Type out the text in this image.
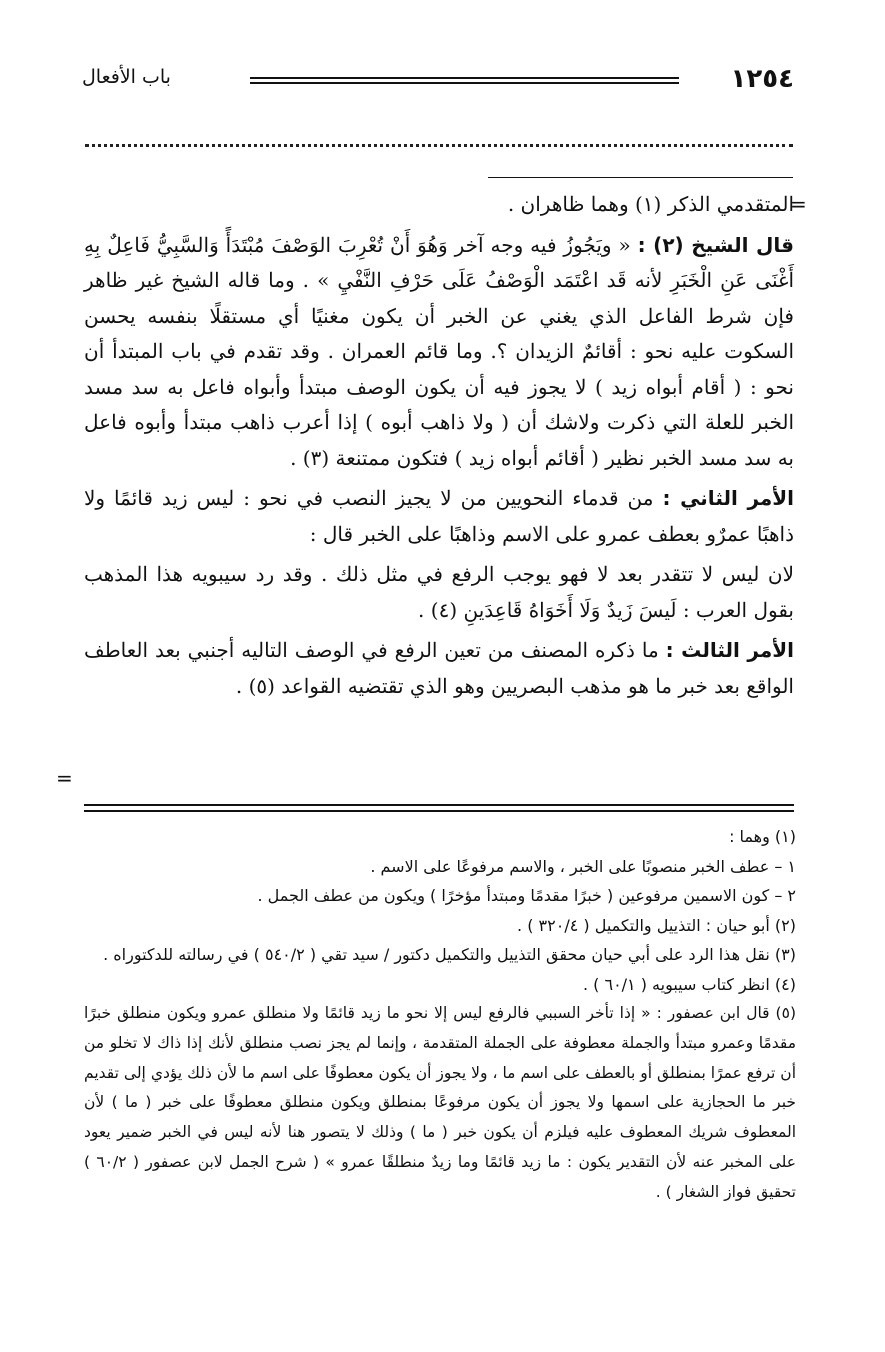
١٢٥٤
باب الأفعال
=

المتقدمي الذكر (١) وهما ظاهران .

قال الشيخ (٢) : « ويَجُوزُ فيه وجه آخر وَهُوَ أَنْ تُعْرِبَ الوَصْفَ مُبْتَدَأً وَالسَّبِيُّ فَاعِلٌ بِهِ أَغْنَى عَنِ الْخَبَرِ لأنه قَد اعْتَمَد الْوَصْفُ عَلَى حَرْفِ النَّفْيِ » . وما قاله الشيخ غير ظاهر فإن شرط الفاعل الذي يغني عن الخبر أن يكون مغنيًا أي مستقلًا بنفسه يحسن السكوت عليه نحو : أقائمٌ الزيدان ؟. وما قائم العمران . وقد تقدم في باب المبتدأ أن نحو : ( أقام أبواه زيد ) لا يجوز فيه أن يكون الوصف مبتدأ وأبواه فاعل به سد مسد الخبر للعلة التي ذكرت ولاشك أن ( ولا ذاهب أبوه ) إذا أعرب ذاهب مبتدأ وأبوه فاعل به سد مسد الخبر نظير ( أقائم أبواه زيد ) فتكون ممتنعة (٣) .

الأمر الثاني : من قدماء النحويين من لا يجيز النصب في نحو : ليس زيد قائمًا ولا ذاهبًا عمرٌو بعطف عمرو على الاسم وذاهبًا على الخبر قال :

لان ليس لا تتقدر بعد لا فهو يوجب الرفع في مثل ذلك . وقد رد سيبويه هذا المذهب بقول العرب : لَيسَ زَيدٌ وَلَا أَخَوَاهُ قَاعِدَينِ (٤) .

الأمر الثالث : ما ذكره المصنف من تعين الرفع في الوصف التاليه أجنبي بعد العاطف الواقع بعد خبر ما هو مذهب البصريين وهو الذي تقتضيه القواعد (٥) .

=

(١) وهما :

١ – عطف الخبر منصوبًا على الخبر ، والاسم مرفوعًا على الاسم .

٢ – كون الاسمين مرفوعين ( خبرًا مقدمًا ومبتدأ مؤخرًا ) ويكون من عطف الجمل .

(٢) أبو حيان : التذييل والتكميل ( ٣٢٠/٤ ) .

(٣) نقل هذا الرد على أبي حيان محقق التذييل والتكميل دكتور / سيد تقي ( ٥٤٠/٢ ) في رسالته للدكتوراه .

(٤) انظر كتاب سيبويه ( ٦٠/١ ) .

(٥) قال ابن عصفور : « إذا تأخر السببي فالرفع ليس إلا نحو ما زيد قائمًا ولا منطلق عمرو ويكون منطلق خبرًا مقدمًا وعمرو مبتدأ والجملة معطوفة على الجملة المتقدمة ، وإنما لم يجز نصب منطلق لأنك إذا ذاك لا تخلو من أن ترفع عمرًا بمنطلق أو بالعطف على اسم ما ، ولا يجوز أن يكون معطوفًا على اسم ما لأن ذلك يؤدي إلى تقديم خبر ما الحجازية على اسمها ولا يجوز أن يكون مرفوعًا بمنطلق ويكون منطلق معطوفًا على خبر ( ما ) لأن المعطوف شريك المعطوف عليه فيلزم أن يكون خبر ( ما ) وذلك لا يتصور هنا لأنه ليس في الخبر ضمير يعود على المخبر عنه لأن التقدير يكون : ما زيد قائمًا وما زيدٌ منطلقًا عمرو » ( شرح الجمل لابن عصفور ( ٦٠/٢ ) تحقيق فواز الشغار ) .
